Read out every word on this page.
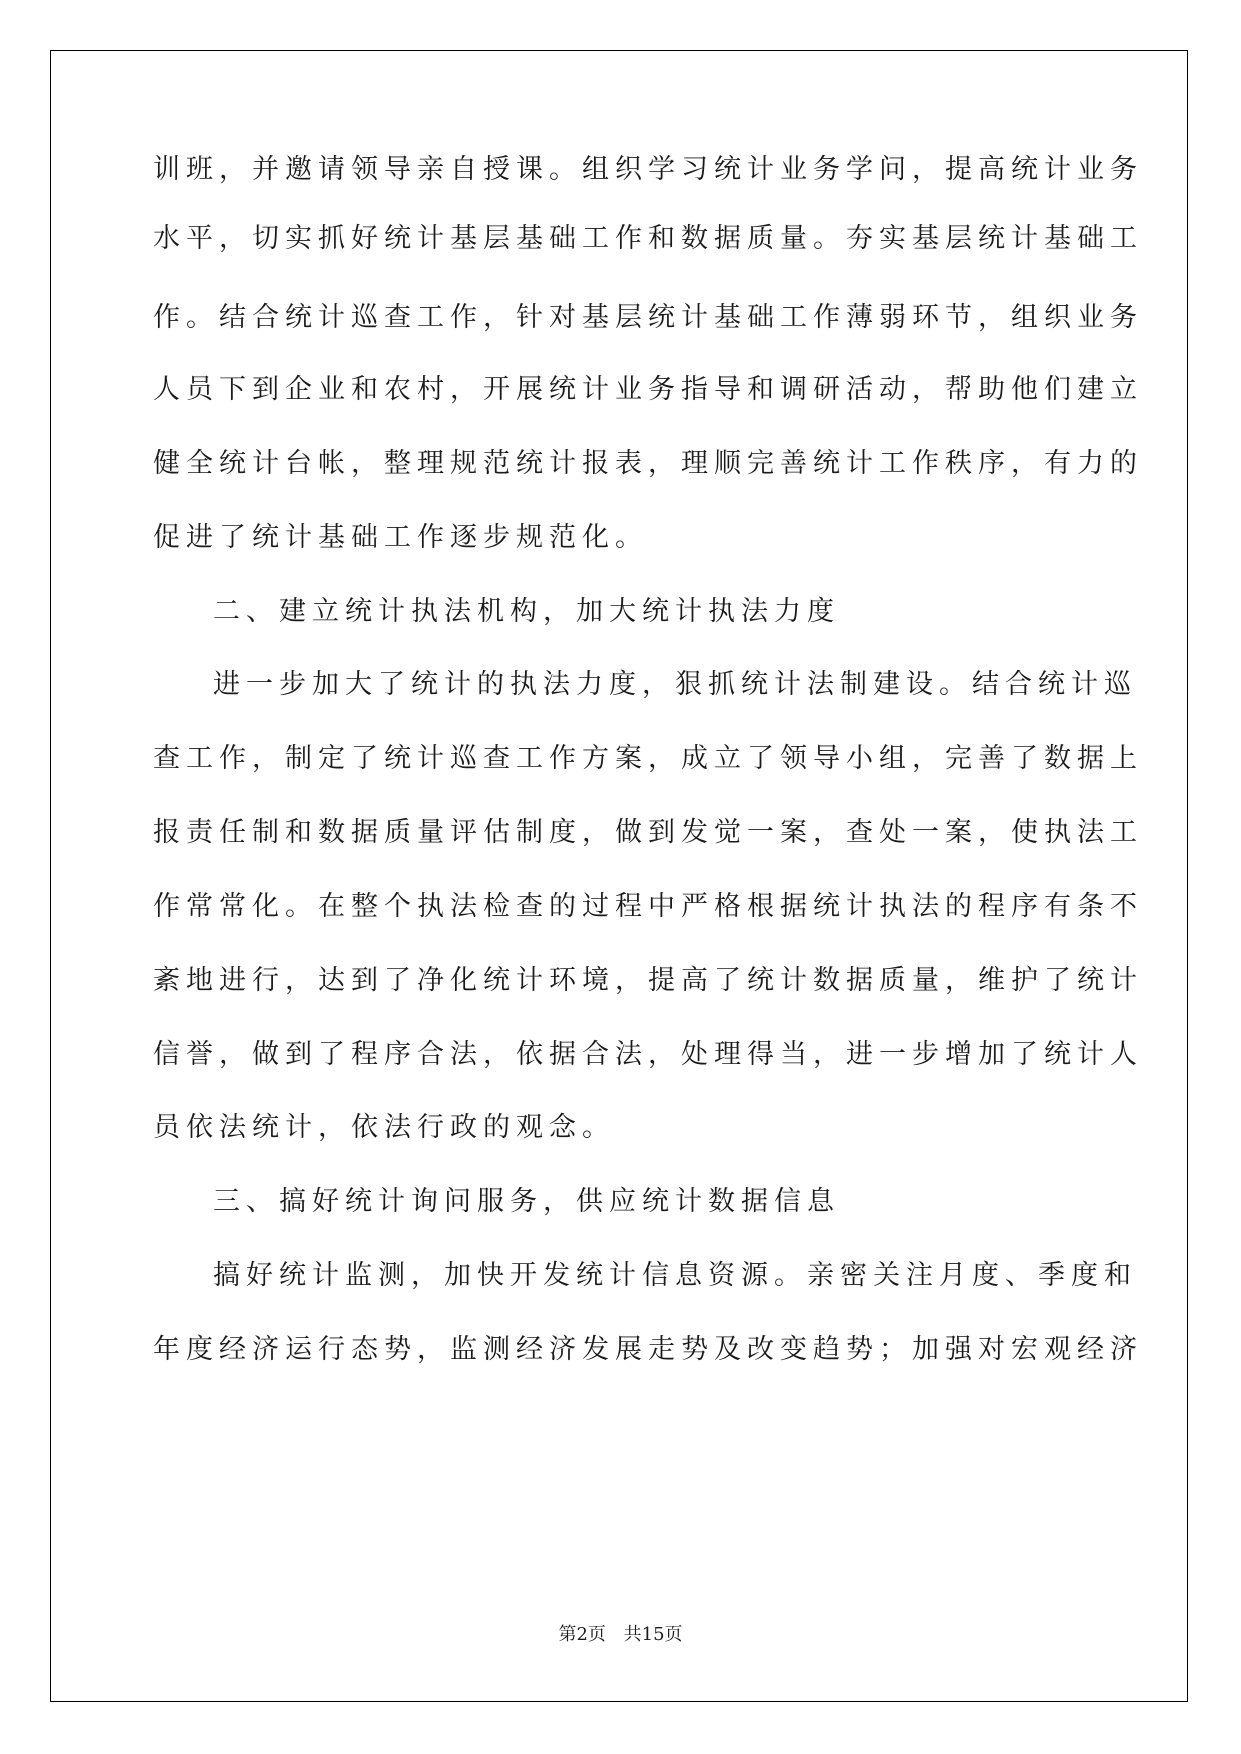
训班，并邀请领导亲自授课。组织学习统计业务学问，提高统计业务
水平，切实抓好统计基层基础工作和数据质量。夯实基层统计基础工
作。结合统计巡查工作，针对基层统计基础工作薄弱环节，组织业务
人员下到企业和农村，开展统计业务指导和调研活动，帮助他们建立
健全统计台帐，整理规范统计报表，理顺完善统计工作秩序，有力的
促进了统计基础工作逐步规范化。
二、建立统计执法机构，加大统计执法力度
进一步加大了统计的执法力度，狠抓统计法制建设。结合统计巡
查工作，制定了统计巡查工作方案，成立了领导小组，完善了数据上
报责任制和数据质量评估制度，做到发觉一案，查处一案，使执法工
作常常化。在整个执法检查的过程中严格根据统计执法的程序有条不
紊地进行，达到了净化统计环境，提高了统计数据质量，维护了统计
信誉，做到了程序合法，依据合法，处理得当，进一步增加了统计人
员依法统计，依法行政的观念。
三、搞好统计询问服务，供应统计数据信息
搞好统计监测，加快开发统计信息资源。亲密关注月度、季度和
年度经济运行态势，监测经济发展走势及改变趋势；加强对宏观经济
第2页 共15页
